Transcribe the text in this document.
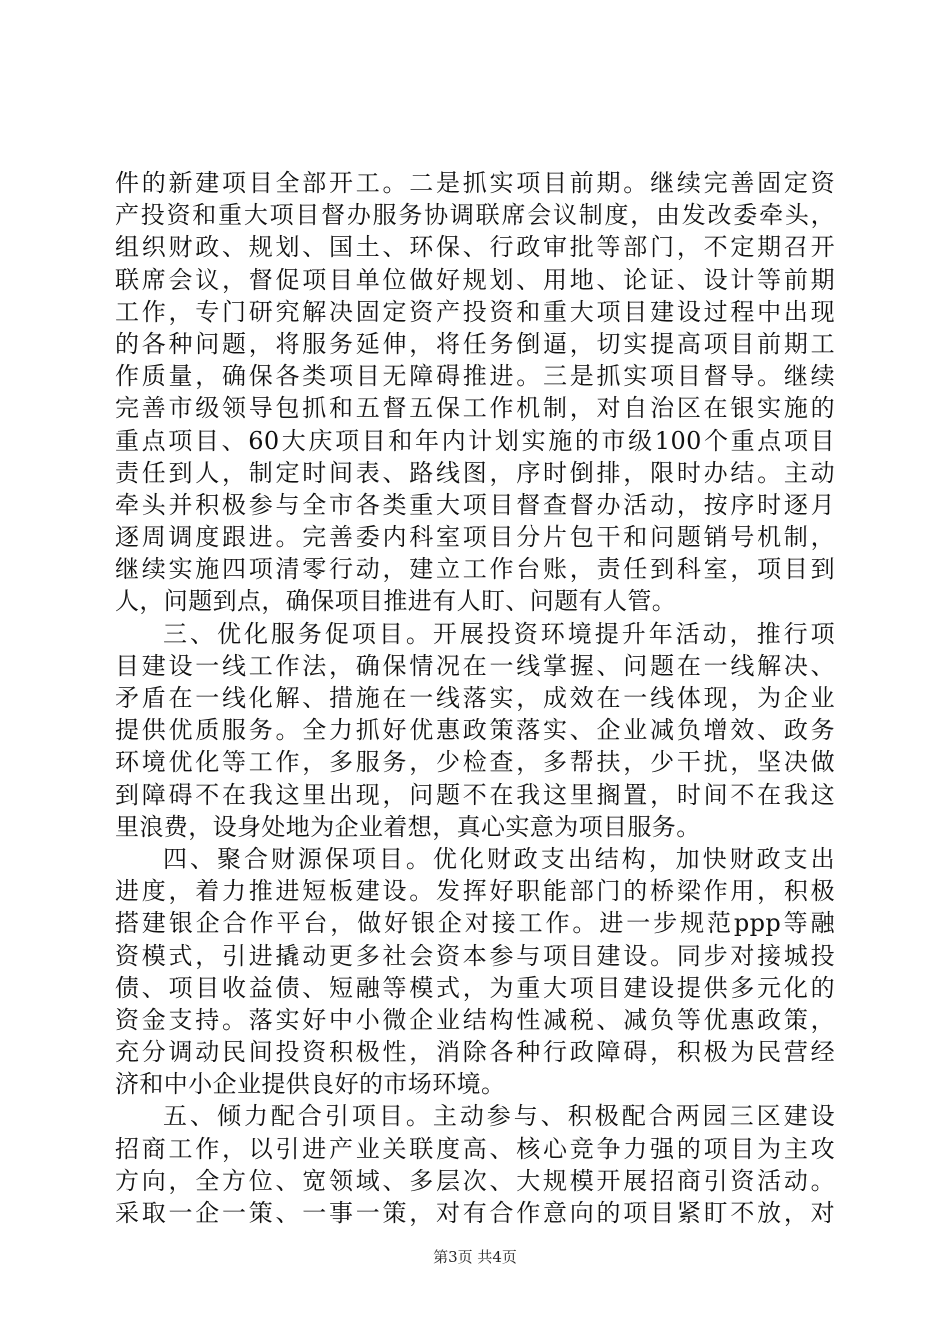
件的新建项目全部开工。二是抓实项目前期。继续完善固定资
产投资和重大项目督办服务协调联席会议制度，由发改委牵头，
组织财政、规划、国土、环保、行政审批等部门，不定期召开
联席会议，督促项目单位做好规划、用地、论证、设计等前期
工作，专门研究解决固定资产投资和重大项目建设过程中出现
的各种问题，将服务延伸，将任务倒逼，切实提高项目前期工
作质量，确保各类项目无障碍推进。三是抓实项目督导。继续
完善市级领导包抓和五督五保工作机制，对自治区在银实施的
重点项目、60大庆项目和年内计划实施的市级100个重点项目
责任到人，制定时间表、路线图，序时倒排，限时办结。主动
牵头并积极参与全市各类重大项目督查督办活动，按序时逐月
逐周调度跟进。完善委内科室项目分片包干和问题销号机制，
继续实施四项清零行动，建立工作台账，责任到科室，项目到
人，问题到点，确保项目推进有人盯、问题有人管。
三、优化服务促项目。开展投资环境提升年活动，推行项
目建设一线工作法，确保情况在一线掌握、问题在一线解决、
矛盾在一线化解、措施在一线落实，成效在一线体现，为企业
提供优质服务。全力抓好优惠政策落实、企业减负增效、政务
环境优化等工作，多服务，少检查，多帮扶，少干扰，坚决做
到障碍不在我这里出现，问题不在我这里搁置，时间不在我这
里浪费，设身处地为企业着想，真心实意为项目服务。
四、聚合财源保项目。优化财政支出结构，加快财政支出
进度，着力推进短板建设。发挥好职能部门的桥梁作用，积极
搭建银企合作平台，做好银企对接工作。进一步规范ppp等融
资模式，引进撬动更多社会资本参与项目建设。同步对接城投
债、项目收益债、短融等模式，为重大项目建设提供多元化的
资金支持。落实好中小微企业结构性减税、减负等优惠政策，
充分调动民间投资积极性，消除各种行政障碍，积极为民营经
济和中小企业提供良好的市场环境。
五、倾力配合引项目。主动参与、积极配合两园三区建设
招商工作，以引进产业关联度高、核心竞争力强的项目为主攻
方向，全方位、宽领域、多层次、大规模开展招商引资活动。
采取一企一策、一事一策，对有合作意向的项目紧盯不放，对
第3页 共4页
